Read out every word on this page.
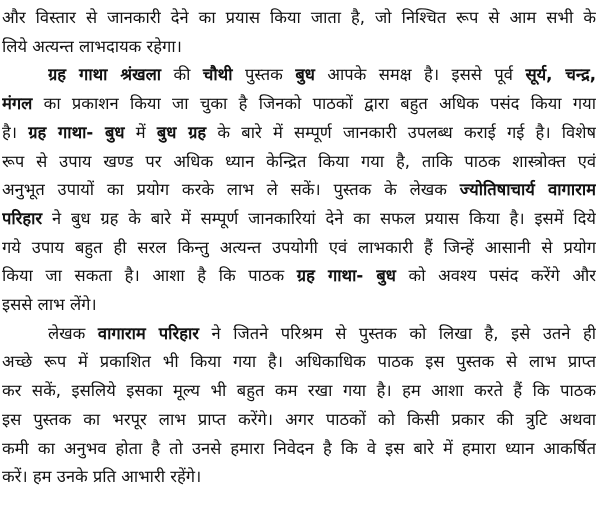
और विस्तार से जानकारी देने का प्रयास किया जाता है, जो निश्चित रूप से आम सभी के
लिये अत्यन्त लाभदायक रहेगा।
ग्रह गाथा श्रंखला की चौथी पुस्तक बुध आपके समक्ष है। इससे पूर्व सूर्य, चन्द्र,
मंगल का प्रकाशन किया जा चुका है जिनको पाठकों द्वारा बहुत अधिक पसंद किया गया
है। ग्रह गाथा- बुध में बुध ग्रह के बारे में सम्पूर्ण जानकारी उपलब्ध कराई गई है। विशेष
रूप से उपाय खण्ड पर अधिक ध्यान केन्द्रित किया गया है, ताकि पाठक शास्त्रोक्त एवं
अनुभूत उपायों का प्रयोग करके लाभ ले सकें। पुस्तक के लेखक ज्योतिषाचार्य वागाराम
परिहार ने बुध ग्रह के बारे में सम्पूर्ण जानकारियां देने का सफल प्रयास किया है। इसमें दिये
गये उपाय बहुत ही सरल किन्तु अत्यन्त उपयोगी एवं लाभकारी हैं जिन्हें आसानी से प्रयोग
किया जा सकता है। आशा है कि पाठक ग्रह गाथा- बुध को अवश्य पसंद करेंगे और
इससे लाभ लेंगे।
लेखक वागाराम परिहार ने जितने परिश्रम से पुस्तक को लिखा है, इसे उतने ही
अच्छे रूप में प्रकाशित भी किया गया है। अधिकाधिक पाठक इस पुस्तक से लाभ प्राप्त
कर सकें, इसलिये इसका मूल्य भी बहुत कम रखा गया है। हम आशा करते हैं कि पाठक
इस पुस्तक का भरपूर लाभ प्राप्त करेंगे। अगर पाठकों को किसी प्रकार की त्रुटि अथवा
कमी का अनुभव होता है तो उनसे हमारा निवेदन है कि वे इस बारे में हमारा ध्यान आकर्षित
करें। हम उनके प्रति आभारी रहेंगे।
